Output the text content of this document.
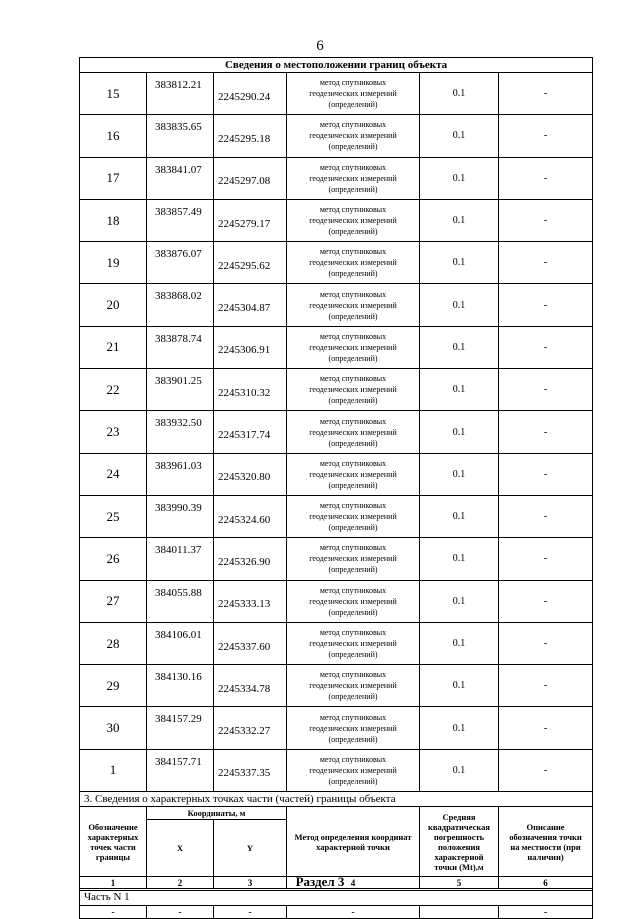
6
Сведения о местоположении границ объекта					
15	383812.21	2245290.24	метод спутниковых
геодезических измерений
(определений)	0.1	-
16	383835.65	2245295.18	метод спутниковых
геодезических измерений
(определений)	0.1	-
17	383841.07	2245297.08	метод спутниковых
геодезических измерений
(определений)	0.1	-
18	383857.49	2245279.17	метод спутниковых
геодезических измерений
(определений)	0.1	-
19	383876.07	2245295.62	метод спутниковых
геодезических измерений
(определений)	0.1	-
20	383868.02	2245304.87	метод спутниковых
геодезических измерений
(определений)	0.1	-
21	383878.74	2245306.91	метод спутниковых
геодезических измерений
(определений)	0.1	-
22	383901.25	2245310.32	метод спутниковых
геодезических измерений
(определений)	0.1	-
23	383932.50	2245317.74	метод спутниковых
геодезических измерений
(определений)	0.1	-
24	383961.03	2245320.80	метод спутниковых
геодезических измерений
(определений)	0.1	-
25	383990.39	2245324.60	метод спутниковых
геодезических измерений
(определений)	0.1	-
26	384011.37	2245326.90	метод спутниковых
геодезических измерений
(определений)	0.1	-
27	384055.88	2245333.13	метод спутниковых
геодезических измерений
(определений)	0.1	-
28	384106.01	2245337.60	метод спутниковых
геодезических измерений
(определений)	0.1	-
29	384130.16	2245334.78	метод спутниковых
геодезических измерений
(определений)	0.1	-
30	384157.29	2245332.27	метод спутниковых
геодезических измерений
(определений)	0.1	-
1	384157.71	2245337.35	метод спутниковых
геодезических измерений
(определений)	0.1	-
3. Сведения о характерных точках части (частей) границы объекта					
Обозначение характерных точек части границы	Координаты, м		Метод определения координат характерной точки	Средняя квадратическая погрешность положения характерной точки (Mt),м	Описание обозначения точки на местности (при наличии)
	X	Y			
1	2	3	4	5	6
Часть N 1					
-	-	-	-		-
Раздел 3
